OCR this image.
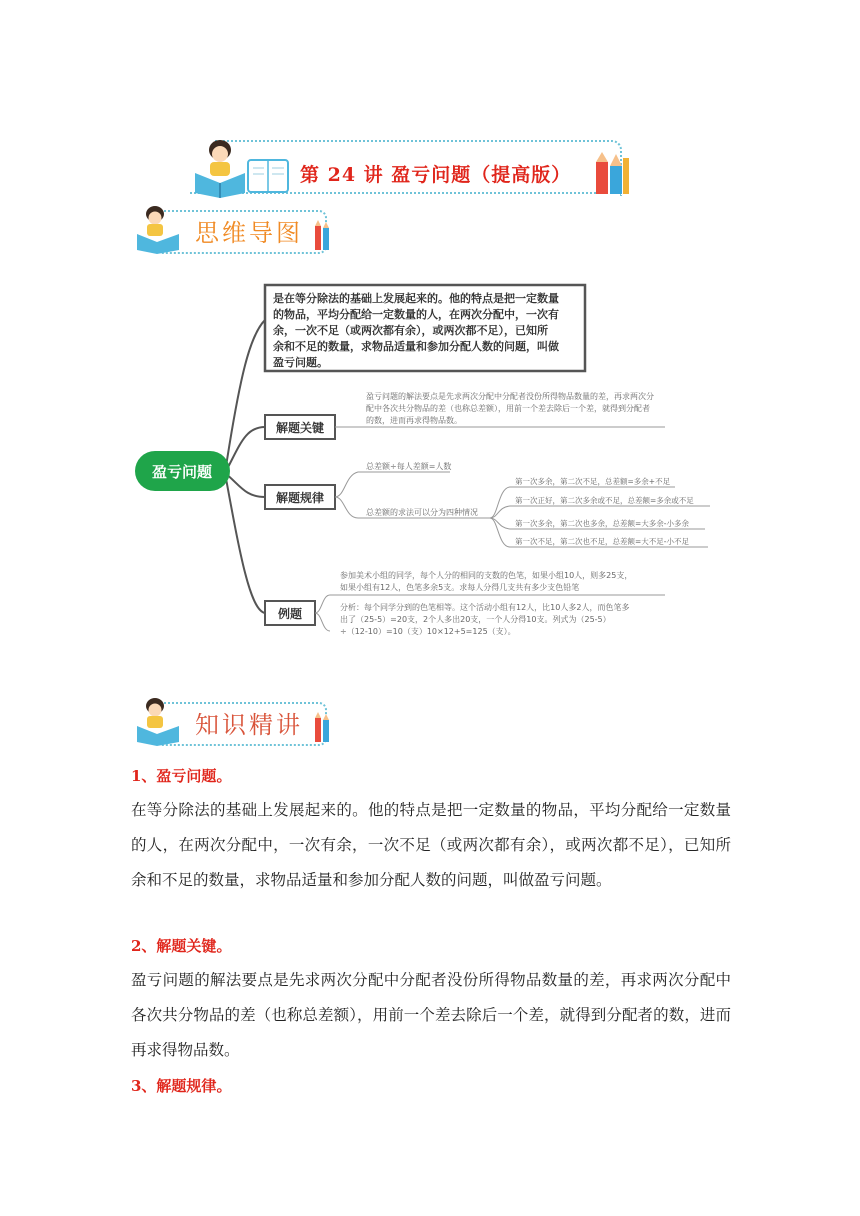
第 24 讲 盈亏问题（提高版）
思维导图
盈亏问题
是在等分除法的基础上发展起来的。他的特点是把一定数量
的物品，平均分配给一定数量的人，在两次分配中，一次有
余，一次不足（或两次都有余），或两次都不足），已知所
余和不足的数量，求物品适量和参加分配人数的问题，叫做
盈亏问题。
解题关键
盈亏问题的解法要点是先求两次分配中分配者没份所得物品数量的差，再求两次分
配中各次共分物品的差（也称总差额），用前一个差去除后一个差，就得到分配者
的数，进而再求得物品数。
解题规律
总差额÷每人差额=人数
总差额的求法可以分为四种情况
第一次多余，第二次不足，总差额=多余+不足
第一次正好，第二次多余或不足，总差额=多余或不足
第一次多余，第二次也多余，总差额=大多余-小多余
第一次不足，第二次也不足，总差额=大不足-小不足
例题
参加美术小组的同学，每个人分的相同的支数的色笔，如果小组10人，则多25支，
如果小组有12人，色笔多余5支。求每人分得几支共有多少支色铅笔
分析：每个同学分到的色笔相等。这个活动小组有12人，比10人多2人，而色笔多
出了（25-5）=20支，2个人多出20支，一个人分得10支。列式为（25-5）
÷（12-10）=10（支）10×12+5=125（支）。
知识精讲
1、盈亏问题。
在等分除法的基础上发展起来的。他的特点是把一定数量的物品，平均分配给一定数量的人，在两次分配中，一次有余，一次不足（或两次都有余），或两次都不足），已知所余和不足的数量，求物品适量和参加分配人数的问题，叫做盈亏问题。
2、解题关键。
盈亏问题的解法要点是先求两次分配中分配者没份所得物品数量的差，再求两次分配中各次共分物品的差（也称总差额），用前一个差去除后一个差，就得到分配者的数，进而再求得物品数。
3、解题规律。
